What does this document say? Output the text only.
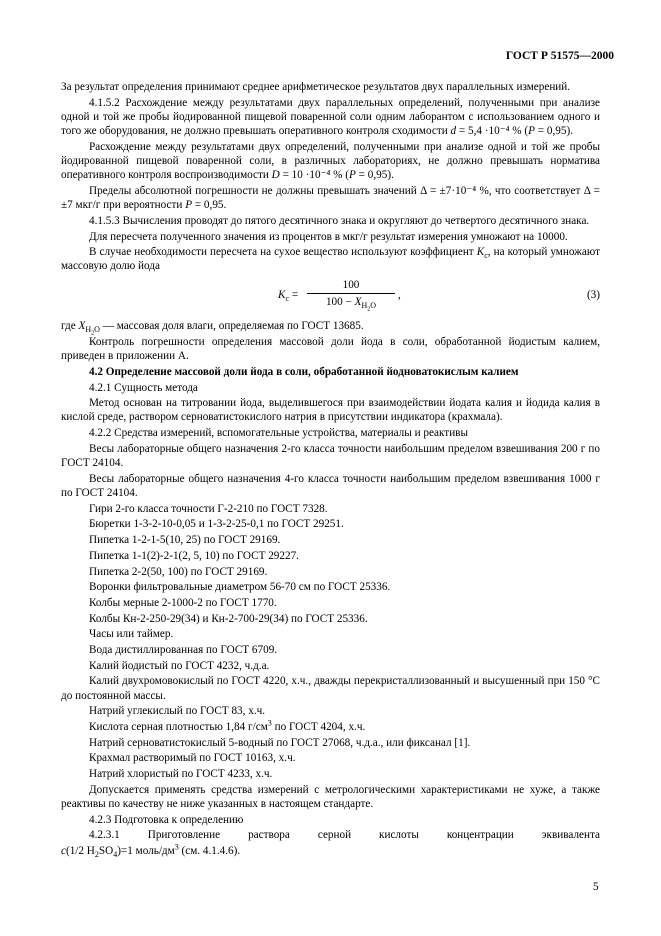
ГОСТ Р 51575—2000

За результат определения принимают среднее арифметическое результатов двух параллельных измерений.

4.1.5.2 Расхождение между результатами двух параллельных определений, полученными при анализе одной и той же пробы йодированной пищевой поваренной соли одним лаборантом с использованием одного и того же оборудования, не должно превышать оперативного контроля сходимости d = 5,4 ·10⁻⁴ % (P = 0,95).

Расхождение между результатами двух определений, полученными при анализе одной и той же пробы йодированной пищевой поваренной соли, в различных лабораториях, не должно превышать норматива оперативного контроля воспроизводимости D = 10 ·10⁻⁴ % (P = 0,95).

Пределы абсолютной погрешности не должны превышать значений Δ = ±7·10⁻⁴ %, что соответствует Δ = ±7 мкг/г при вероятности P = 0,95.

4.1.5.3 Вычисления проводят до пятого десятичного знака и округляют до четвертого десятичного знака.

Для пересчета полученного значения из процентов в мкг/г результат измерения умножают на 10000.

В случае необходимости пересчета на сухое вещество используют коэффициент $K_с$, на который умножают массовую долю йода

$K_с = \frac{100}{100 - X_{H_2O}}$ ,	(3)

где $X_{H_2O}$ — массовая доля влаги, определяемая по ГОСТ 13685.

Контроль погрешности определения массовой доли йода в соли, обработанной йодистым калием, приведен в приложении А.

4.2 Определение массовой доли йода в соли, обработанной йодноватокислым калием

4.2.1 Сущность метода

Метод основан на титровании йода, выделившегося при взаимодействии йодата калия и йодида калия в кислой среде, раствором серноватистокислого натрия в присутствии индикатора (крахмала).

4.2.2 Средства измерений, вспомогательные устройства, материалы и реактивы

Весы лабораторные общего назначения 2-го класса точности наибольшим пределом взвешивания 200 г по ГОСТ 24104.

Весы лабораторные общего назначения 4-го класса точности наибольшим пределом взвешивания 1000 г по ГОСТ 24104.

Гири 2-го класса точности Г-2-210 по ГОСТ 7328.

Бюретки 1-3-2-10-0,05 и 1-3-2-25-0,1 по ГОСТ 29251.

Пипетка 1-2-1-5(10, 25) по ГОСТ 29169.

Пипетка 1-1(2)-2-1(2, 5, 10) по ГОСТ 29227.

Пипетка 2-2(50, 100) по ГОСТ 29169.

Воронки фильтровальные диаметром 56-70 см по ГОСТ 25336.

Колбы мерные 2-1000-2 по ГОСТ 1770.

Колбы Кн-2-250-29(34) и Кн-2-700-29(34) по ГОСТ 25336.

Часы или таймер.

Вода дистиллированная по ГОСТ 6709.

Калий йодистый по ГОСТ 4232, ч.д.а.

Калий двухромовокислый по ГОСТ 4220, х.ч., дважды перекристаллизованный и высушенный при 150 °С до постоянной массы.

Натрий углекислый по ГОСТ 83, х.ч.

Кислота серная плотностью 1,84 $г/см^3$ по ГОСТ 4204, х.ч.

Натрий серноватистокислый 5-водный по ГОСТ 27068, ч.д.а., или фиксанал [1].

Крахмал растворимый по ГОСТ 10163, х.ч.

Натрий хлористый по ГОСТ 4233, х.ч.

Допускается применять средства измерений с метрологическими характеристиками не хуже, а также реактивы по качеству не ниже указанных в настоящем стандарте.

4.2.3 Подготовка к определению

4.2.3.1 Приготовление раствора серной кислоты концентрации эквивалента

c(1/2 $H_2SO_4)=1$ моль/$дм^3$ (см. 4.1.4.6).

5
